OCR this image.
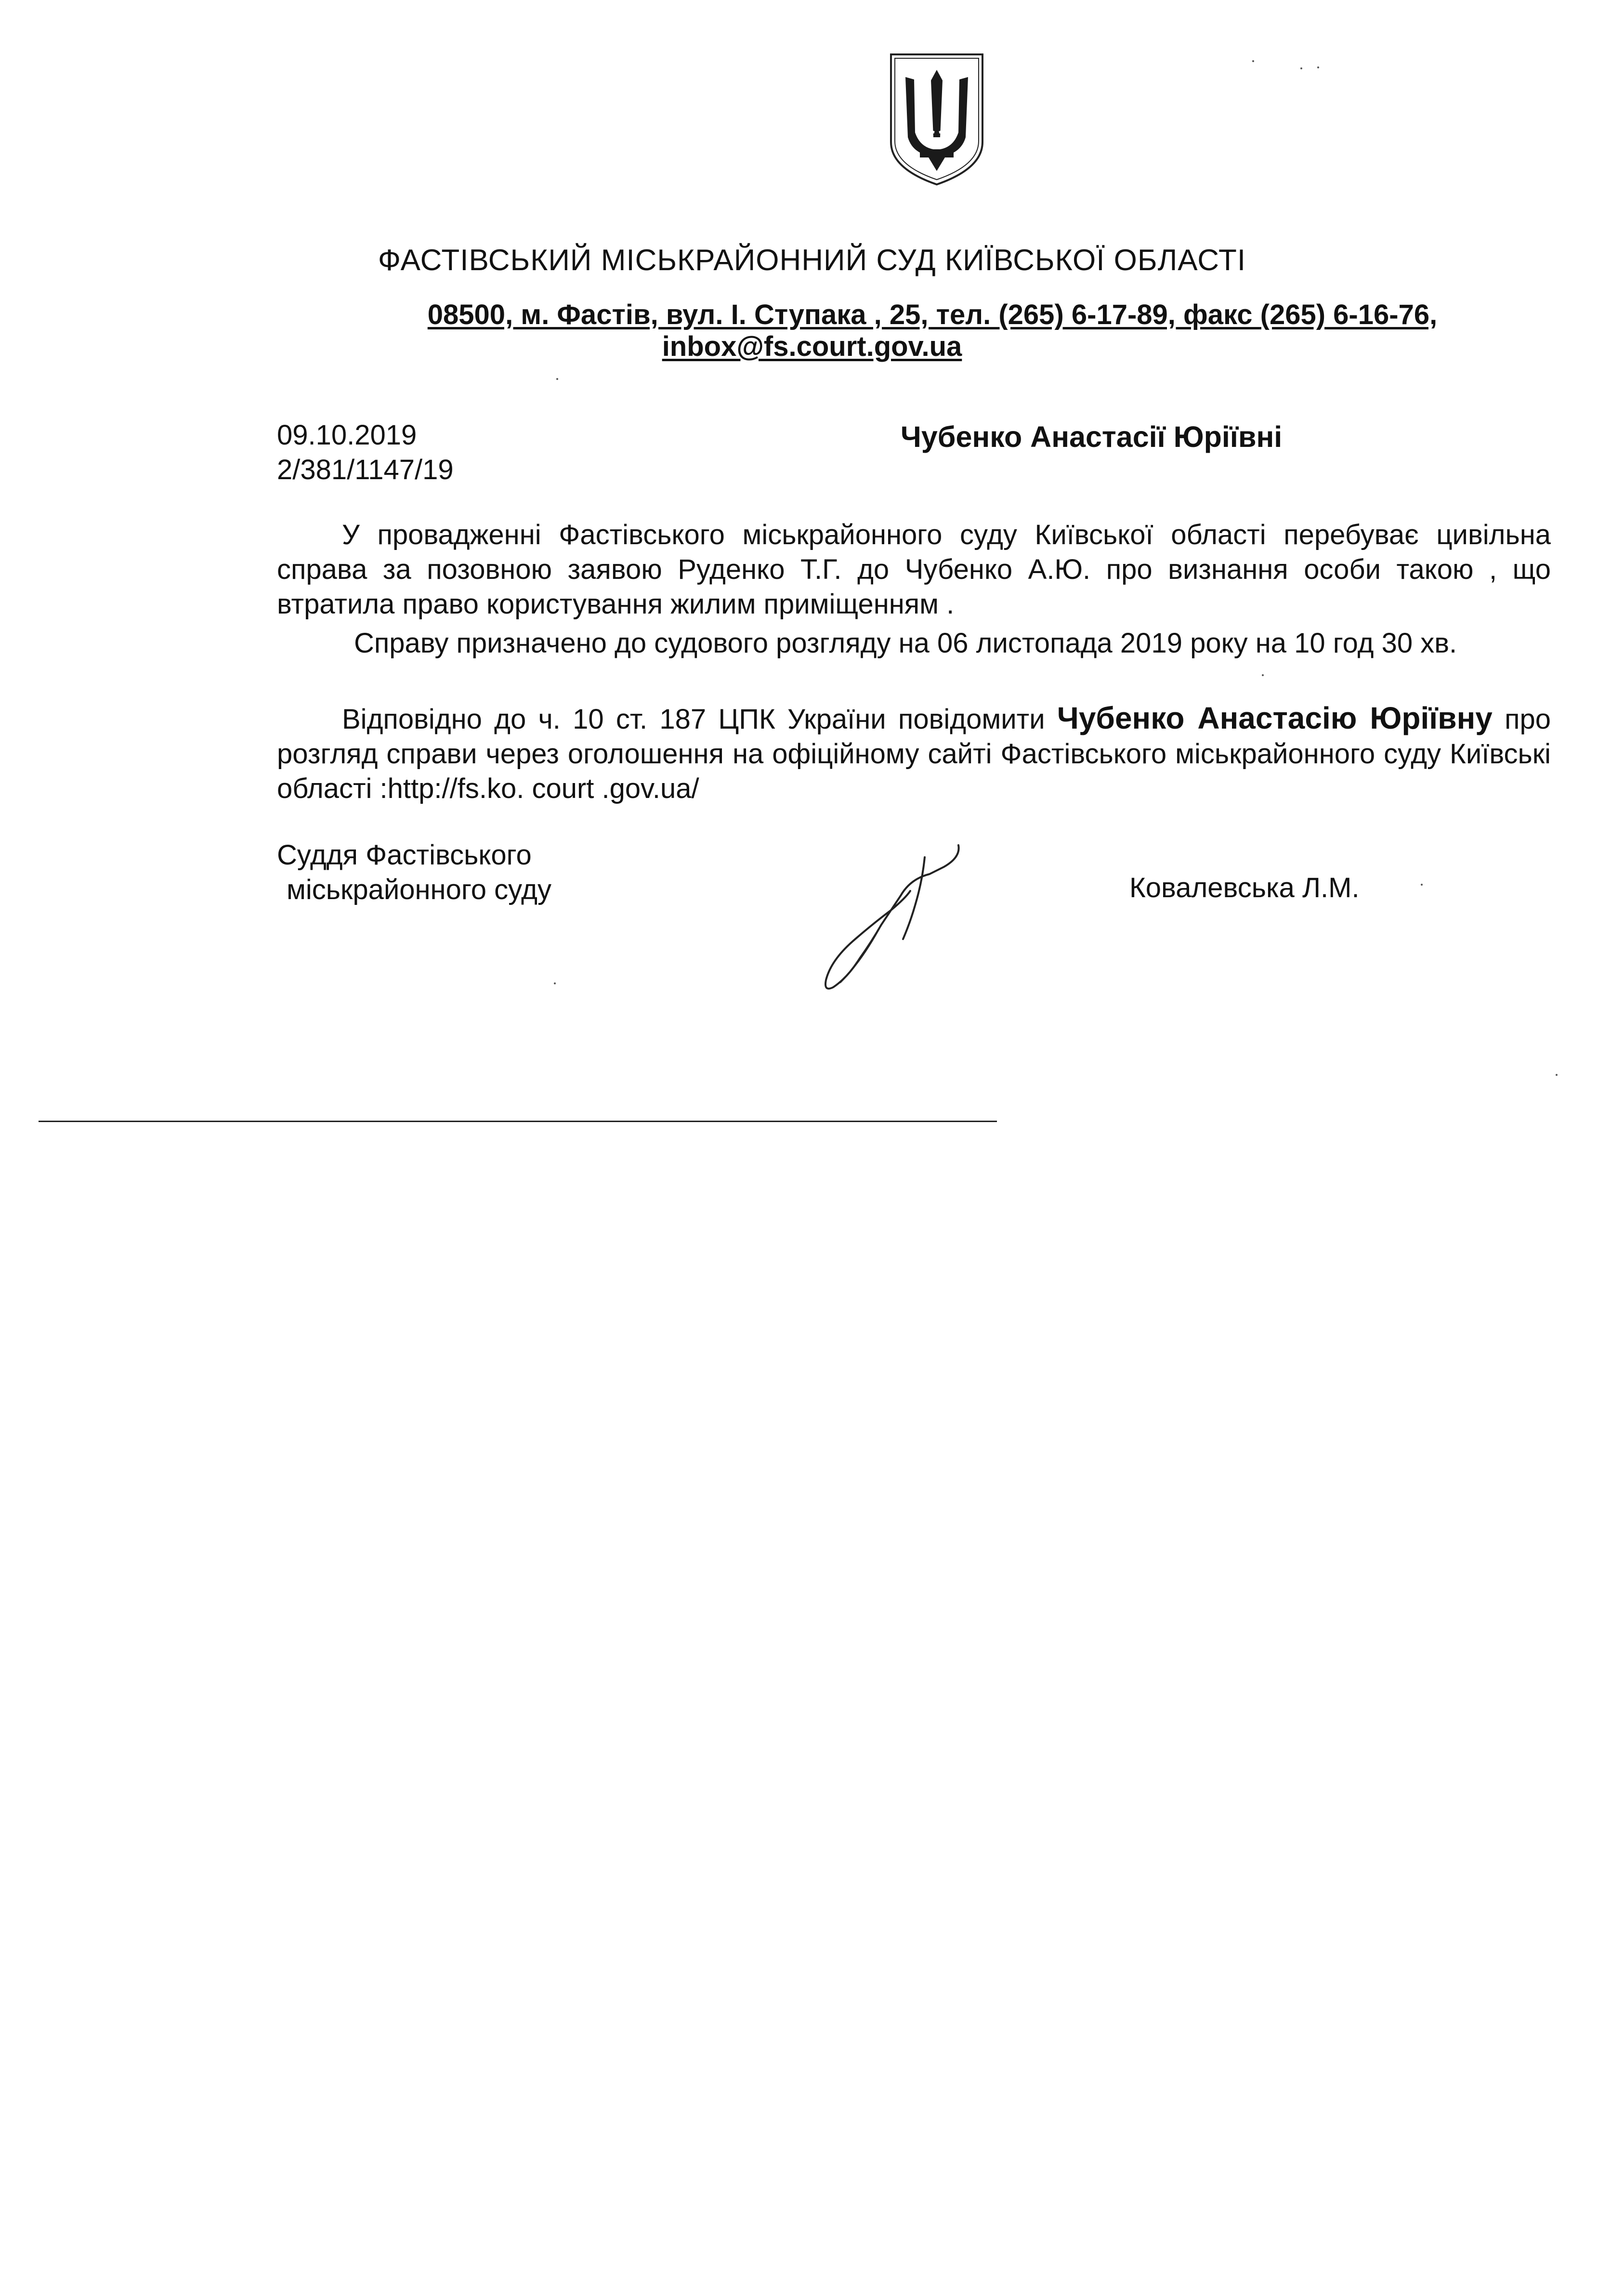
ФАСТІВСЬКИЙ МІСЬКРАЙОННИЙ СУД КИЇВСЬКОЇ ОБЛАСТІ
08500, м. Фастів, вул. І. Ступака , 25, тел. (265) 6-17-89, факс (265) 6-16-76,
inbox@fs.court.gov.ua
09.10.2019
2/381/1147/19
Чубенко Анастасії Юріївні
У провадженні Фастівського міськрайонного суду Київської області перебуває цивільна справа за позовною заявою Руденко Т.Г. до Чубенко А.Ю. про визнання особи такою , що втратила право користування жилим приміщенням .
Справу призначено до судового розгляду на 06 листопада 2019 року на 10 год 30 хв.
Відповідно до ч. 10 ст. 187 ЦПК України повідомити Чубенко Анастасію Юріївну про розгляд справи через оголошення на офіційному сайті Фастівського міськрайонного суду Київські області :http://fs.ko. court .gov.ua/
Суддя Фастівського
міськрайонного суду	Ковалевська Л.М.
